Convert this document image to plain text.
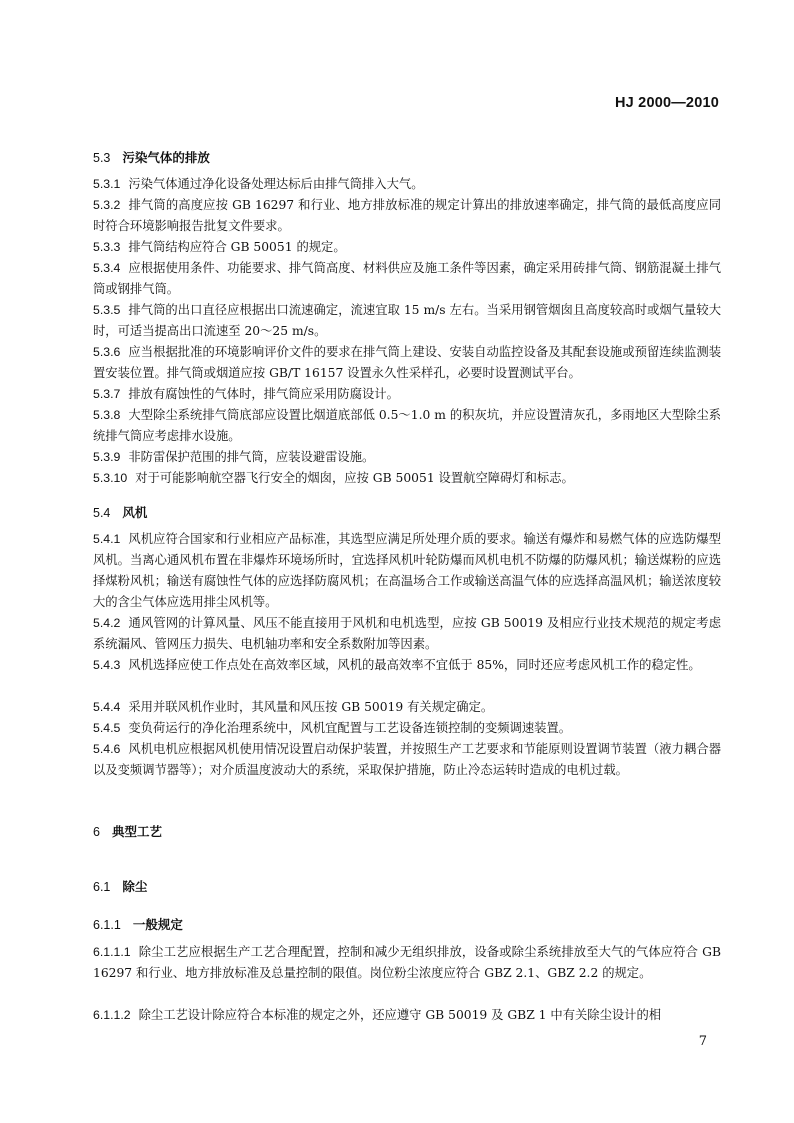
HJ 2000—2010
5.3 污染气体的排放
5.3.1 污染气体通过净化设备处理达标后由排气筒排入大气。
5.3.2 排气筒的高度应按 GB 16297 和行业、地方排放标准的规定计算出的排放速率确定，排气筒的最低高度应同时符合环境影响报告批复文件要求。
5.3.3 排气筒结构应符合 GB 50051 的规定。
5.3.4 应根据使用条件、功能要求、排气筒高度、材料供应及施工条件等因素，确定采用砖排气筒、钢筋混凝土排气筒或钢排气筒。
5.3.5 排气筒的出口直径应根据出口流速确定，流速宜取 15 m/s 左右。当采用钢管烟囱且高度较高时或烟气量较大时，可适当提高出口流速至 20～25 m/s。
5.3.6 应当根据批准的环境影响评价文件的要求在排气筒上建设、安装自动监控设备及其配套设施或预留连续监测装置安装位置。排气筒或烟道应按 GB/T 16157 设置永久性采样孔，必要时设置测试平台。
5.3.7 排放有腐蚀性的气体时，排气筒应采用防腐设计。
5.3.8 大型除尘系统排气筒底部应设置比烟道底部低 0.5～1.0 m 的积灰坑，并应设置清灰孔，多雨地区大型除尘系统排气筒应考虑排水设施。
5.3.9 非防雷保护范围的排气筒，应装设避雷设施。
5.3.10 对于可能影响航空器飞行安全的烟囱，应按 GB 50051 设置航空障碍灯和标志。
5.4 风机
5.4.1 风机应符合国家和行业相应产品标准，其选型应满足所处理介质的要求。输送有爆炸和易燃气体的应选防爆型风机。当离心通风机布置在非爆炸环境场所时，宜选择风机叶轮防爆而风机电机不防爆的防爆风机；输送煤粉的应选择煤粉风机；输送有腐蚀性气体的应选择防腐风机；在高温场合工作或输送高温气体的应选择高温风机；输送浓度较大的含尘气体应选用排尘风机等。
5.4.2 通风管网的计算风量、风压不能直接用于风机和电机选型，应按 GB 50019 及相应行业技术规范的规定考虑系统漏风、管网压力损失、电机轴功率和安全系数附加等因素。
5.4.3 风机选择应使工作点处在高效率区域，风机的最高效率不宜低于 85%，同时还应考虑风机工作的稳定性。
5.4.4 采用并联风机作业时，其风量和风压按 GB 50019 有关规定确定。
5.4.5 变负荷运行的净化治理系统中，风机宜配置与工艺设备连锁控制的变频调速装置。
5.4.6 风机电机应根据风机使用情况设置启动保护装置，并按照生产工艺要求和节能原则设置调节装置（液力耦合器以及变频调节器等）；对介质温度波动大的系统，采取保护措施，防止冷态运转时造成的电机过载。
6 典型工艺
6.1 除尘
6.1.1 一般规定
6.1.1.1 除尘工艺应根据生产工艺合理配置，控制和减少无组织排放，设备或除尘系统排放至大气的气体应符合 GB 16297 和行业、地方排放标准及总量控制的限值。岗位粉尘浓度应符合 GBZ 2.1、GBZ 2.2 的规定。
6.1.1.2 除尘工艺设计除应符合本标准的规定之外，还应遵守 GB 50019 及 GBZ 1 中有关除尘设计的相
7
